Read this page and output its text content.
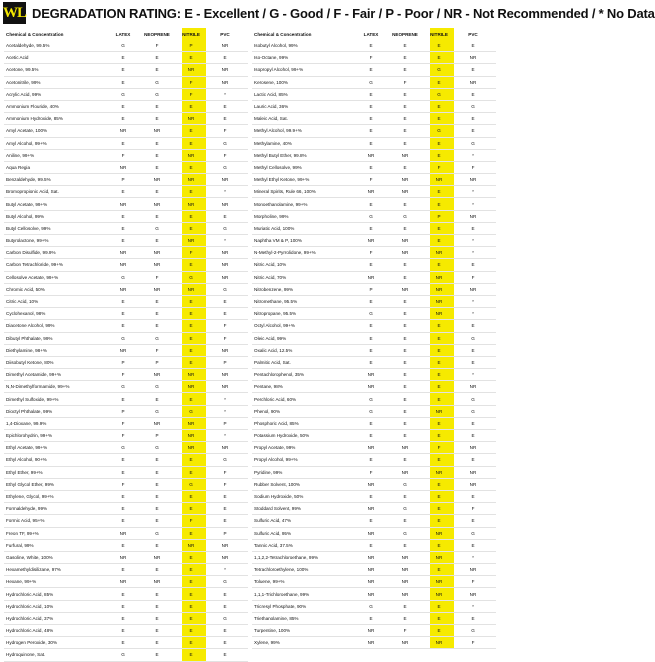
WL DEGRADATION RATING: E - Excellent / G - Good / F - Fair / P - Poor / NR - Not Recommended / * No Data
Chemical & Concentration	LATEX	NEOPRENE	NITRILE	PVC
Acetaldehyde, 99.5%	G	F	P	NR
Acetic Acid	E	E	E	E
Acetone, 99.5%	E	E	NR	NR
Acetonitrile, 99%	E	G	F	NR
Acrylic Acid, 99%	G	G	F	*
Ammonium Flouride, 40%	E	E	E	E
Ammonium Hydroxide, 85%	E	E	NR	E
Amyl Acetate, 100%	NR	NR	E	F
Amyl Alcohol, 99+%	E	E	E	G
Aniline, 99+%	F	E	NR	F
Aqua Regia	NR	E	E	G
Benzaldehyde, 99.5%	P	NR	NR	NR
Bromopropionic Acid, Sat.	E	E	E	*
Butyl Acetate, 99+%	NR	NR	NR	NR
Butyl Alcohol, 99%	E	E	E	E
Butyl Cellosolve, 99%	E	G	E	G
Butyrolactone, 99+%	E	E	NR	*
Carbon Disulfide, 99.9%	NR	NR	F	NR
Carbon Tetrachloride, 99+%	NR	NR	E	NR
Cellosolve Acetate, 99+%	G	F	G	NR
Chromic Acid, 50%	NR	NR	NR	G
Citric Acid, 10%	E	E	E	E
Cyclohexanol, 98%	E	E	E	E
Diacetone Alcohol, 99%	E	E	E	F
Dibutyl Phthalate, 99%	G	G	E	F
Diethylamine, 98+%	NR	F	E	NR
Diisobutyl Ketone, 80%	P	P	E	P
Dimethyl Acetamide, 99+%	F	NR	NR	NR
N,N-Dimethylformamide, 99+%	G	G	NR	NR
Dimethyl Sulfoxide, 99+%	E	E	E	*
Dioctyl Phthalate, 99%	P	G	G	*
1,4-Dioxane, 99.9%	F	NR	NR	P
Epichlorohydrin, 99+%	F	P	NR	*
Ethyl Acetate, 99+%	G	G	NR	NR
Ethyl Alcohol, 90+%	E	E	E	G
Ethyl Ether, 99+%	E	E	E	F
Ethyl Glycol Ether, 99%	F	E	G	F
Ethylene, Glycol, 99+%	E	E	E	E
Formaldehyde, 99%	E	E	E	E
Formic Acid, 95+%	E	E	F	E
Freon TF, 99+%	NR	G	E	P
Furfural, 99%	E	E	NR	NR
Gasoline, White, 100%	NR	NR	E	NR
Hexamethyldisilizane, 97%	E	E	E	*
Hexane, 99+%	NR	NR	E	G
Hydrochloric Acid, 85%	E	E	E	E
Hydrochloric Acid, 10%	E	E	E	E
Hydrochloric Acid, 37%	E	E	E	G
Hydrochloric Acid, 48%	E	E	E	E
Hydrogen Peroxide, 30%	E	E	E	E
Hydroquinone, Sat.	G	E	E	E
Chemical & Concentration	LATEX	NEOPRENE	NITRILE	PVC
Isobutyl Alcohol, 99%	E	E	E	E
Iso-Octane, 99%	F	E	E	NR
Isopropyl Alcohol, 99+%	E	E	G	E
Kerosene, 100%	G	F	E	NR
Lactic Acid, 85%	E	E	G	E
Lauric Acid, 36%	E	E	E	G
Maleic Acid, Sat.	E	E	E	E
Methyl Alcohol, 99.9+%	E	E	G	E
Methylamine, 40%	E	E	E	G
Methyl Butyl Ether, 99.8%	NR	NR	E	*
Methyl Cellosolve, 99%	E	E	F	F
Methyl Ethyl Ketone, 99+%	F	NR	NR	NR
Mineral Spirits, Rule 66, 100%	NR	NR	E	*
Monoethanolamine, 99+%	E	E	E	*
Morpholine, 99%	G	G	P	NR
Muriatic Acid, 100%	E	E	E	E
Naphtha VM & P, 100%	NR	NR	E	*
N-Methyl-2-Pyrrolidone, 99+%	F	NR	NR	*
Nitric Acid, 10%	E	E	E	E
Nitric Acid, 70%	NR	E	NR	F
Nitrobenzene, 99%	P	NR	NR	NR
Nitromethane, 95.5%	E	E	NR	*
Nitropropane, 95.5%	G	E	NR	*
Octyl Alcohol, 99+%	E	E	E	E
Oleic Acid, 99%	E	E	E	G
Oxalic Acid, 12.5%	E	E	E	E
Palmitic Acid, Sat.	E	E	E	E
Pentachlorophenol, 35%	NR	E	E	*
Pentane, 98%	NR	E	E	NR
Perchloric Acid, 60%	G	E	E	G
Phenol, 90%	G	E	NR	G
Phosphoric Acid, 85%	E	E	E	E
Potassium Hydroxide, 50%	E	E	E	E
Propyl Acetate, 99%	NR	NR	F	NR
Propyl Alcohol, 99+%	E	E	E	E
Pyridine, 99%	F	NR	NR	NR
Rubber Solvent, 100%	NR	G	E	NR
Sodium Hydroxide, 50%	E	E	E	E
Stoddard Solvent, 99%	NR	G	E	F
Sulfuric Acid, 47%	E	E	E	E
Sulfuric Acid, 95%	NR	G	NR	G
Tannic Acid, 37.5%	E	E	E	E
1,1,2,2-Tetrachloroethane, 99%	NR	NR	NR	*
Tetrachloroethylene, 100%	NR	NR	E	NR
Toluene, 99+%	NR	NR	NR	F
1,1,1-Trichloroethane, 99%	NR	NR	NR	NR
Tricresyl Phosphate, 90%	G	E	E	*
Triethanolamine, 85%	E	E	E	E
Turpentine, 100%	NR	F	E	G
Xylene, 99%	NR	NR	NR	F
